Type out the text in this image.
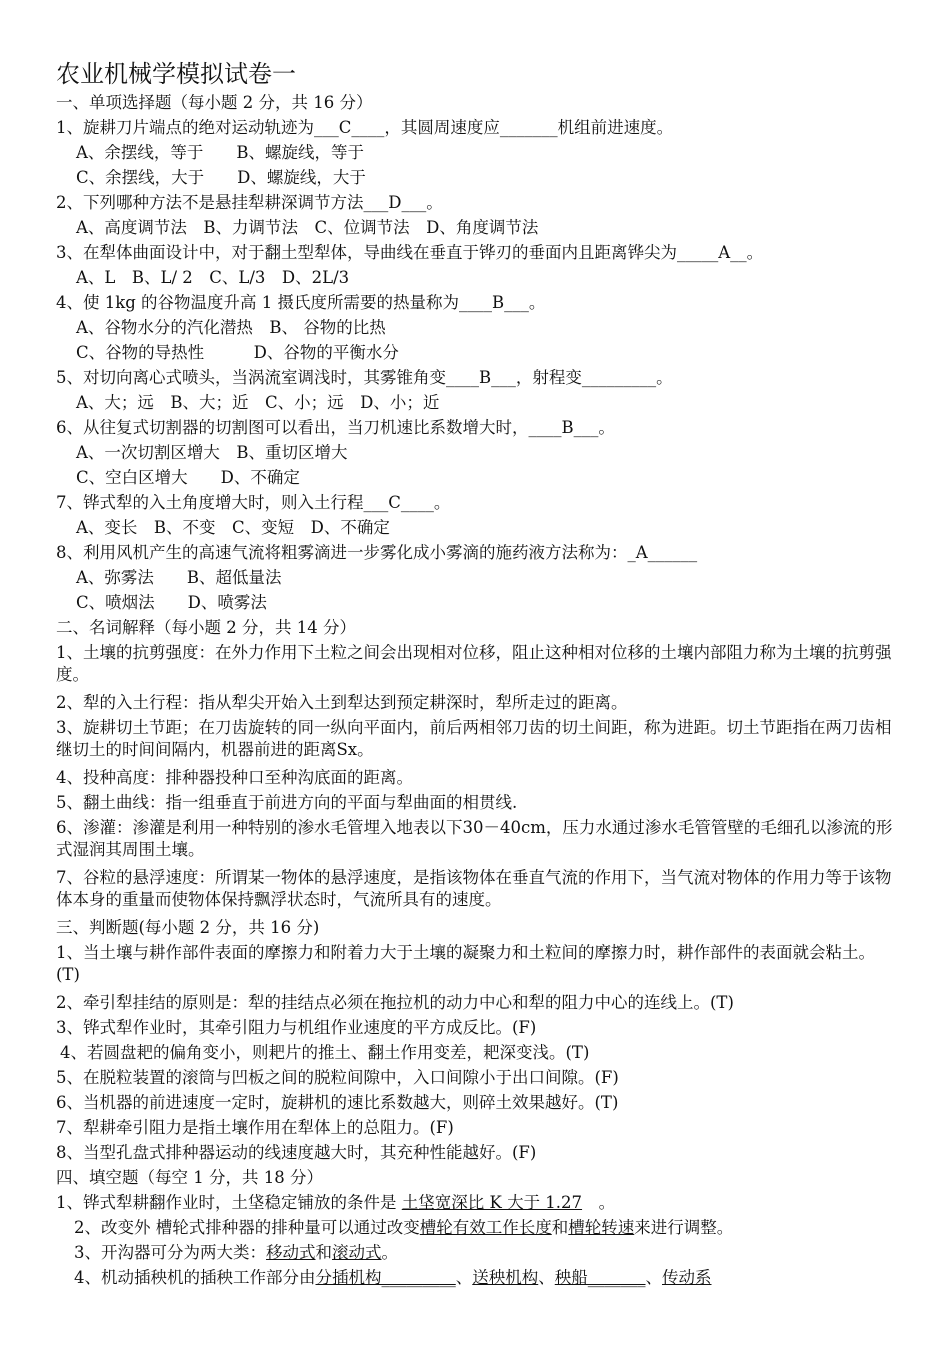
农业机械学模拟试卷一
一、单项选择题（每小题 2 分，共 16 分）
1、旋耕刀片端点的绝对运动轨迹为___C____，其圆周速度应_______机组前进速度。
A、余摆线，等于　　B、螺旋线，等于
C、余摆线，大于　　D、螺旋线，大于
2、下列哪种方法不是悬挂犁耕深调节方法___D___。
A、高度调节法　B、力调节法　C、位调节法　D、角度调节法
3、在犁体曲面设计中，对于翻土型犁体，导曲线在垂直于铧刃的垂面内且距离铧尖为_____A__。
A、L　B、L/ 2　C、L/3　D、2L/3
4、使 1kg 的谷物温度升高 1 摄氏度所需要的热量称为____B___。
A、谷物水分的汽化潜热　B、 谷物的比热
C、谷物的导热性　　　D、谷物的平衡水分
5、对切向离心式喷头，当涡流室调浅时，其雾锥角变____B___，射程变_________。
A、大；远　B、大；近　C、小；远　D、小；近
6、从往复式切割器的切割图可以看出，当刀机速比系数增大时，____B___。
A、一次切割区增大　B、重切区增大
C、空白区增大　　D、不确定
7、铧式犁的入土角度增大时，则入土行程___C____。
A、变长　B、不变　C、变短　D、不确定
8、利用风机产生的高速气流将粗雾滴进一步雾化成小雾滴的施药液方法称为：_A______
A、弥雾法　　B、超低量法
C、喷烟法　　D、喷雾法
二、名词解释（每小题 2 分，共 14 分）
1、土壤的抗剪强度：在外力作用下土粒之间会出现相对位移，阻止这种相对位移的土壤内部阻力称为土壤的抗剪强度。
2、犁的入土行程：指从犁尖开始入土到犁达到预定耕深时，犁所走过的距离。
3、旋耕切土节距；在刀齿旋转的同一纵向平面内，前后两相邻刀齿的切土间距，称为进距。切土节距指在两刀齿相继切土的时间间隔内，机器前进的距离Sx。
4、投种高度：排种器投种口至种沟底面的距离。
5、翻土曲线：指一组垂直于前进方向的平面与犁曲面的相贯线.
6、渗灌：渗灌是利用一种特别的渗水毛管埋入地表以下30－40cm，压力水通过渗水毛管管壁的毛细孔以渗流的形式湿润其周围土壤。
7、谷粒的悬浮速度：所谓某一物体的悬浮速度，是指该物体在垂直气流的作用下，当气流对物体的作用力等于该物体本身的重量而使物体保持飘浮状态时，气流所具有的速度。
三、判断题(每小题 2 分，共 16 分)
1、当土壤与耕作部件表面的摩擦力和附着力大于土壤的凝聚力和土粒间的摩擦力时，耕作部件的表面就会粘土。(T)
2、牵引犁挂结的原则是：犁的挂结点必须在拖拉机的动力中心和犁的阻力中心的连线上。(T)
3、铧式犁作业时，其牵引阻力与机组作业速度的平方成反比。(F)
4、若圆盘耙的偏角变小，则耙片的推土、翻土作用变差，耙深变浅。(T)
5、在脱粒装置的滚筒与凹板之间的脱粒间隙中，入口间隙小于出口间隙。(F)
6、当机器的前进速度一定时，旋耕机的速比系数越大，则碎土效果越好。(T)
7、犁耕牵引阻力是指土壤作用在犁体上的总阻力。(F)
8、当型孔盘式排种器运动的线速度越大时，其充种性能越好。(F)
四、填空题（每空 1 分，共 18 分）
1、铧式犁耕翻作业时，土垡稳定铺放的条件是 土垡宽深比 K 大于 1.27　。
2、改变外 槽轮式排种器的排种量可以通过改变槽轮有效工作长度和槽轮转速来进行调整。
3、开沟器可分为两大类：移动式和滚动式。
4、机动插秧机的插秧工作部分由分插机构_________、送秧机构、秧船_______、传动系
